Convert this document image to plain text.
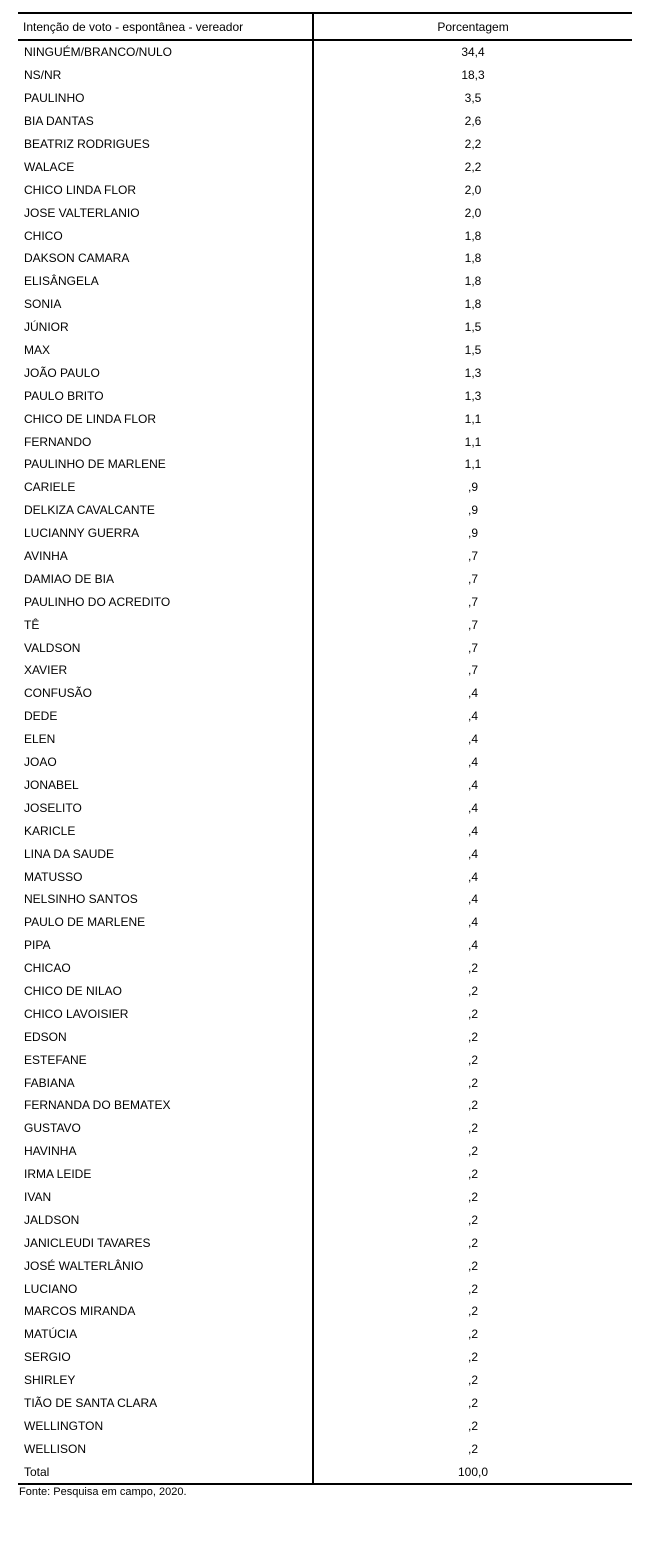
Intenção de voto - espontânea - vereador	Porcentagem
NINGUÉM/BRANCO/NULO	34,4
NS/NR	18,3
PAULINHO	3,5
BIA DANTAS	2,6
BEATRIZ RODRIGUES	2,2
WALACE	2,2
CHICO LINDA FLOR	2,0
JOSE VALTERLANIO	2,0
CHICO	1,8
DAKSON CAMARA	1,8
ELISÂNGELA	1,8
SONIA	1,8
JÚNIOR	1,5
MAX	1,5
JOÃO PAULO	1,3
PAULO BRITO	1,3
CHICO DE LINDA FLOR	1,1
FERNANDO	1,1
PAULINHO DE MARLENE	1,1
CARIELE	,9
DELKIZA CAVALCANTE	,9
LUCIANNY GUERRA	,9
AVINHA	,7
DAMIAO DE BIA	,7
PAULINHO DO ACREDITO	,7
TÊ	,7
VALDSON	,7
XAVIER	,7
CONFUSÃO	,4
DEDE	,4
ELEN	,4
JOAO	,4
JONABEL	,4
JOSELITO	,4
KARICLE	,4
LINA DA SAUDE	,4
MATUSSO	,4
NELSINHO SANTOS	,4
PAULO DE MARLENE	,4
PIPA	,4
CHICAO	,2
CHICO DE NILAO	,2
CHICO LAVOISIER	,2
EDSON	,2
ESTEFANE	,2
FABIANA	,2
FERNANDA DO BEMATEX	,2
GUSTAVO	,2
HAVINHA	,2
IRMA LEIDE	,2
IVAN	,2
JALDSON	,2
JANICLEUDI TAVARES	,2
JOSÉ WALTERLÂNIO	,2
LUCIANO	,2
MARCOS MIRANDA	,2
MATÚCIA	,2
SERGIO	,2
SHIRLEY	,2
TIÃO DE SANTA CLARA	,2
WELLINGTON	,2
WELLISON	,2
Total	100,0
Fonte: Pesquisa em campo, 2020.
